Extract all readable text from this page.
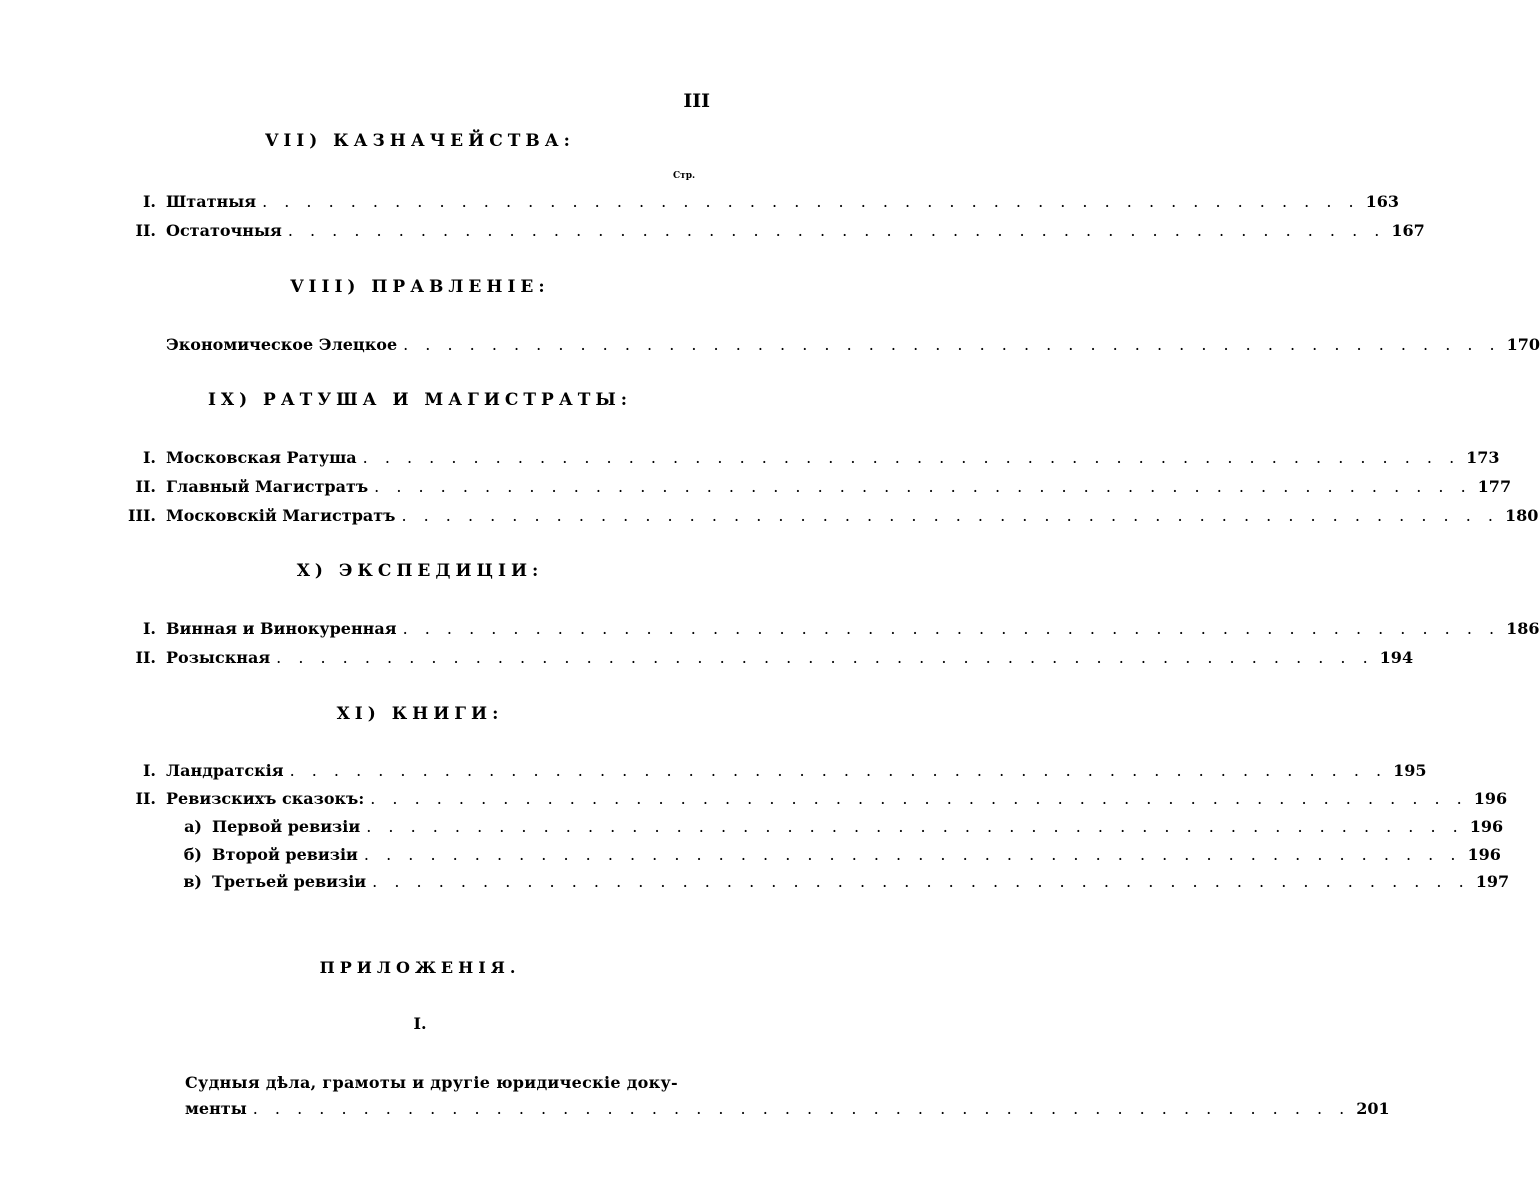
III
VII) КАЗНАЧЕЙСТВА:
Стр.
I. Штатныя . . . . . . . . . . . . . . . . . . . . . . . . . . . . . . . . . . . . . . . . . . . . . . . . . . 163
II. Остаточныя . . . . . . . . . . . . . . . . . . . . . . . . . . . . . . . . . . . . . . . . . . . . . . . . . . 167
VIII) ПРАВЛЕНІЕ:
Экономическое Элецкое . . . . . . . . . . . . . . . . . . . . . . . . . . . . . . . . . . . . . . . . . . . . . . . . . . 170
IX) РАТУША И МАГИСТРАТЫ:
I. Московская Ратуша . . . . . . . . . . . . . . . . . . . . . . . . . . . . . . . . . . . . . . . . . . . . . . . . . . 173
II. Главный Магистратъ . . . . . . . . . . . . . . . . . . . . . . . . . . . . . . . . . . . . . . . . . . . . . . . . . . 177
III. Московскій Магистратъ . . . . . . . . . . . . . . . . . . . . . . . . . . . . . . . . . . . . . . . . . . . . . . . . . . 180
X) ЭКСПЕДИЦІИ:
I. Винная и Винокуренная . . . . . . . . . . . . . . . . . . . . . . . . . . . . . . . . . . . . . . . . . . . . . . . . . . 186
II. Розыскная . . . . . . . . . . . . . . . . . . . . . . . . . . . . . . . . . . . . . . . . . . . . . . . . . . 194
XI) КНИГИ:
I. Ландратскія . . . . . . . . . . . . . . . . . . . . . . . . . . . . . . . . . . . . . . . . . . . . . . . . . . 195
II. Ревизскихъ сказокъ: . . . . . . . . . . . . . . . . . . . . . . . . . . . . . . . . . . . . . . . . . . . . . . . . . . 196
а) Первой ревизіи . . . . . . . . . . . . . . . . . . . . . . . . . . . . . . . . . . . . . . . . . . . . . . . . . . 196
б) Второй ревизіи . . . . . . . . . . . . . . . . . . . . . . . . . . . . . . . . . . . . . . . . . . . . . . . . . . 196
в) Третьей ревизіи . . . . . . . . . . . . . . . . . . . . . . . . . . . . . . . . . . . . . . . . . . . . . . . . . . 197
ПРИЛОЖЕНІЯ.
I.
Судныя дѣла, грамоты и другіе юридическіе доку-
менты . . . . . . . . . . . . . . . . . . . . . . . . . . . . . . . . . . . . . . . . . . . . . . . . . . 201
